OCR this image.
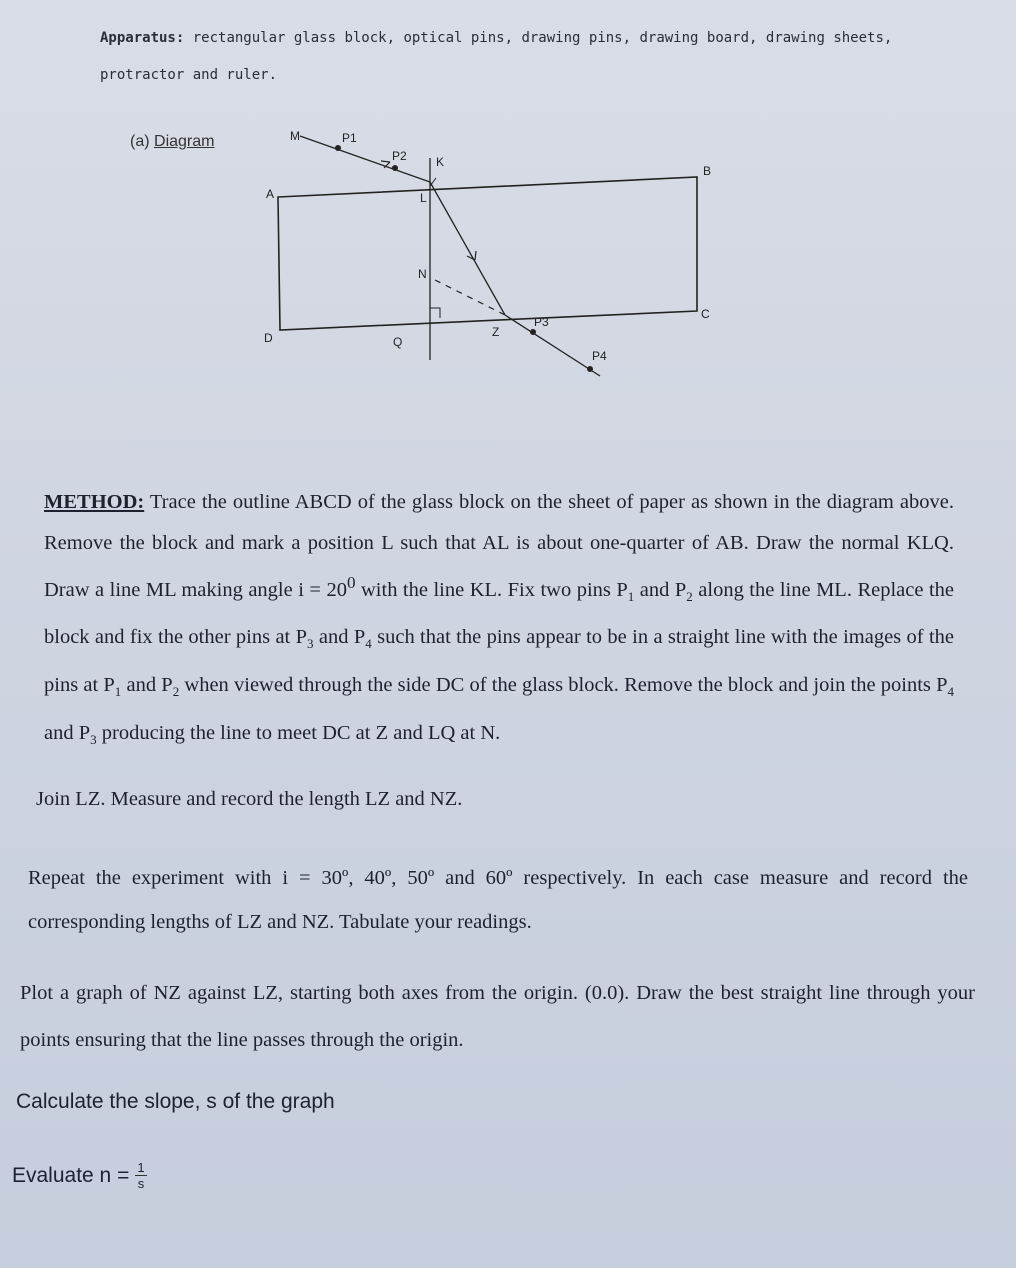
Apparatus: rectangular glass block, optical pins, drawing pins, drawing board, drawing sheets, protractor and ruler.
(a) Diagram
A
B
C
D
K
L
M
N
Q
Z
P1
P2
P3
P4
METHOD: Trace the outline ABCD of the glass block on the sheet of paper as shown in the diagram above. Remove the block and mark a position L such that AL is about one-quarter of AB. Draw the normal KLQ. Draw a line ML making angle $i = 20^0$ with the line KL. Fix two pins $P_1$ and $P_2$ along the line ML. Replace the block and fix the other pins at $P_3$ and $P_4$ such that the pins appear to be in a straight line with the images of the pins at $P_1$ and $P_2$ when viewed through the side DC of the glass block. Remove the block and join the points $P_4$ and $P_3$ producing the line to meet DC at Z and LQ at N.
Join LZ. Measure and record the length LZ and NZ.
Repeat the experiment with i = 30º, 40º, 50º and 60º respectively. In each case measure and record the corresponding lengths of LZ and NZ. Tabulate your readings.
Plot a graph of NZ against LZ, starting both axes from the origin. (0.0). Draw the best straight line through your points ensuring that the line passes through the origin.
Calculate the slope, s of the graph
Evaluate $n = \frac{1}{s}$
